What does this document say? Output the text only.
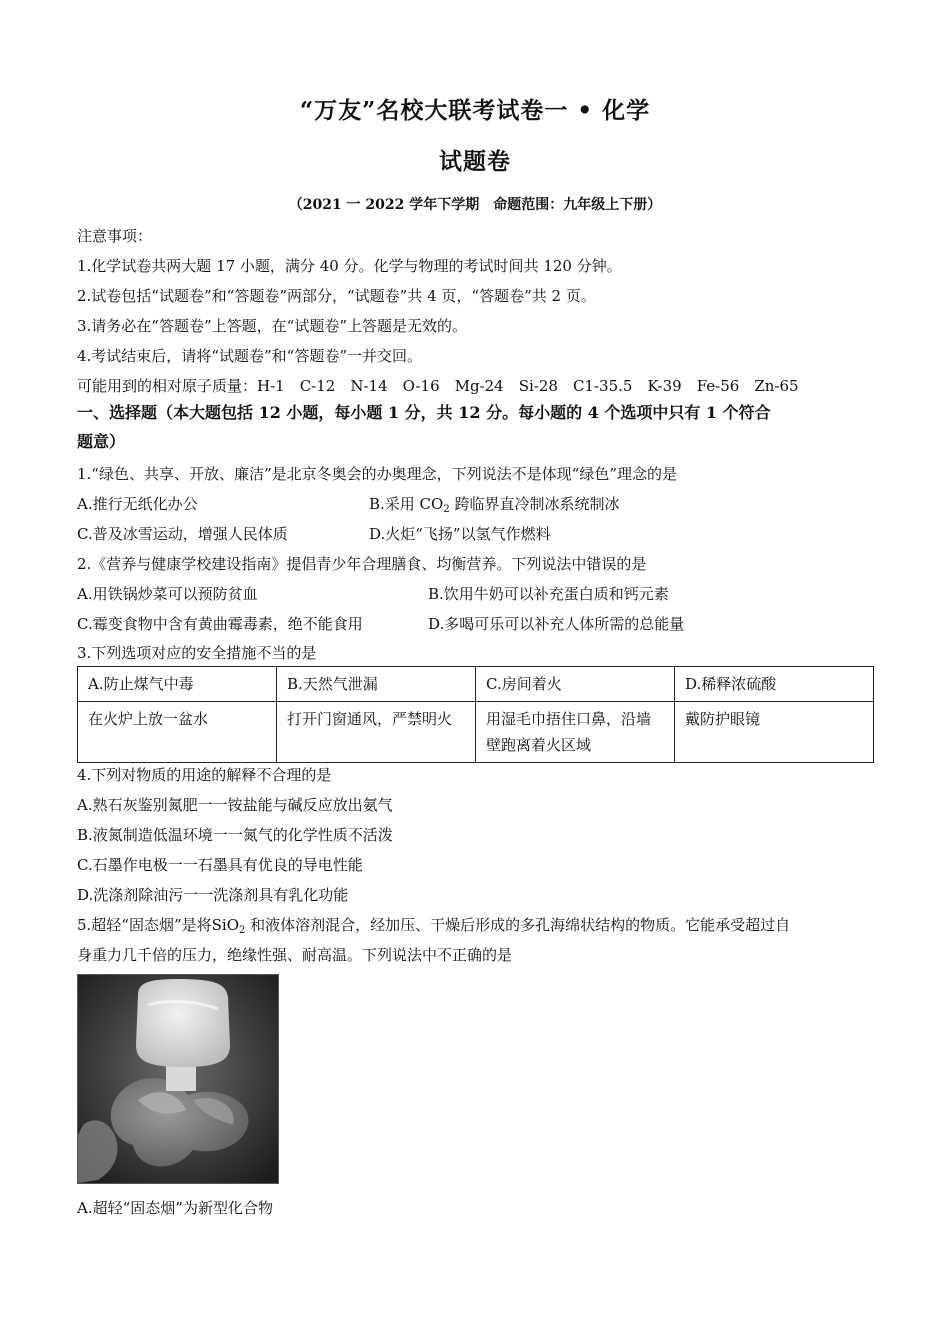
“万友”名校大联考试卷一 • 化学
试题卷
（2021 一 2022 学年下学期　命题范围：九年级上下册）
注意事项：
1.化学试卷共两大题 17 小题，满分 40 分。化学与物理的考试时间共 120 分钟。
2.试卷包括“试题卷”和“答题卷”两部分，“试题卷”共 4 页，“答题卷”共 2 页。
3.请务必在“答题卷”上答题，在“试题卷”上答题是无效的。
4.考试结束后，请将“试题卷”和“答题卷”一并交回。
可能用到的相对原子质量：H-1　C-12　N-14　O-16　Mg-24　Si-28　C1-35.5　K-39　Fe-56　Zn-65
一、选择题（本大题包括 12 小题，每小题 1 分，共 12 分。每小题的 4 个选项中只有 1 个符合
题意）
1.“绿色、共享、开放、廉洁”是北京冬奥会的办奥理念，下列说法不是体现“绿色”理念的是
A.推行无纸化办公	B.采用 $CO_2$ 跨临界直冷制冰系统制冰
C.普及冰雪运动，增强人民体质	D.火炬“飞扬”以氢气作燃料
2.《营养与健康学校建设指南》提倡青少年合理膳食、均衡营养。下列说法中错误的是
A.用铁锅炒菜可以预防贫血	B.饮用牛奶可以补充蛋白质和钙元素
C.霉变食物中含有黄曲霉毒素，绝不能食用	D.多喝可乐可以补充人体所需的总能量
3.下列选项对应的安全措施不当的是
A.防止煤气中毒	B.天然气泄漏	C.房间着火	D.稀释浓硫酸
在火炉上放一盆水	打开门窗通风，严禁明火	用湿毛巾捂住口鼻，沿墙壁跑离着火区域	戴防护眼镜
4.下列对物质的用途的解释不合理的是
A.熟石灰鉴别氮肥一一铵盐能与碱反应放出氨气
B.液氮制造低温环境一一氮气的化学性质不活泼
C.石墨作电极一一石墨具有优良的导电性能
D.洗涤剂除油污一一洗涤剂具有乳化功能
5.超轻“固态烟”是将SiO$_2$ 和液体溶剂混合，经加压、干燥后形成的多孔海绵状结构的物质。它能承受超过自
身重力几千倍的压力，绝缘性强、耐高温。下列说法中不正确的是
A.超轻“固态烟”为新型化合物
